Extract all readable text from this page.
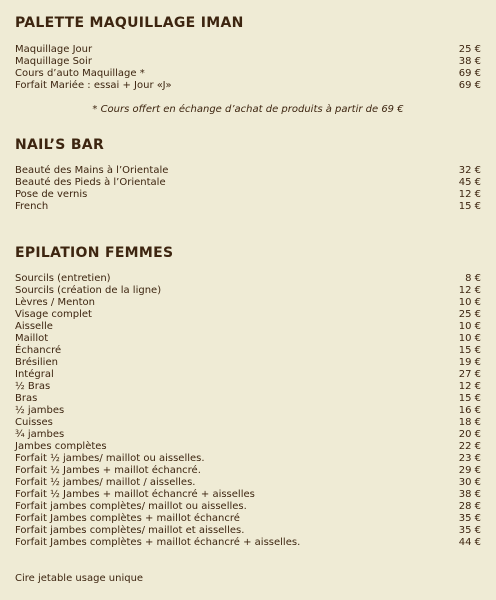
PALETTE MAQUILLAGE IMAN
Maquillage Jour	25 €
Maquillage Soir	38 €
Cours d’auto Maquillage *	69 €
Forfait Mariée : essai + Jour «J»	69 €
* Cours offert en échange d’achat de produits à partir de 69 €
NAIL’S BAR
Beauté des Mains à l’Orientale	32 €
Beauté des Pieds à l’Orientale	45 €
Pose de vernis	12 €
French	15 €
EPILATION FEMMES
Sourcils (entretien)	8 €
Sourcils (création de la ligne)	12 €
Lèvres / Menton	10 €
Visage complet	25 €
Aisselle	10 €
Maillot	10 €
Échancré	15 €
Brésilien	19 €
Intégral	27 €
½ Bras	12 €
Bras	15 €
½ jambes	16 €
Cuisses	18 €
¾ jambes	20 €
Jambes complètes	22 €
Forfait ½ jambes/ maillot ou aisselles.	23 €
Forfait ½ Jambes + maillot échancré.	29 €
Forfait ½ jambes/ maillot / aisselles.	30 €
Forfait ½ Jambes + maillot échancré + aisselles	38 €
Forfait jambes complètes/ maillot ou aisselles.	28 €
Forfait Jambes complètes + maillot échancré	35 €
Forfait jambes complètes/ maillot et aisselles.	35 €
Forfait Jambes complètes + maillot échancré + aisselles.	44 €
Cire jetable usage unique
